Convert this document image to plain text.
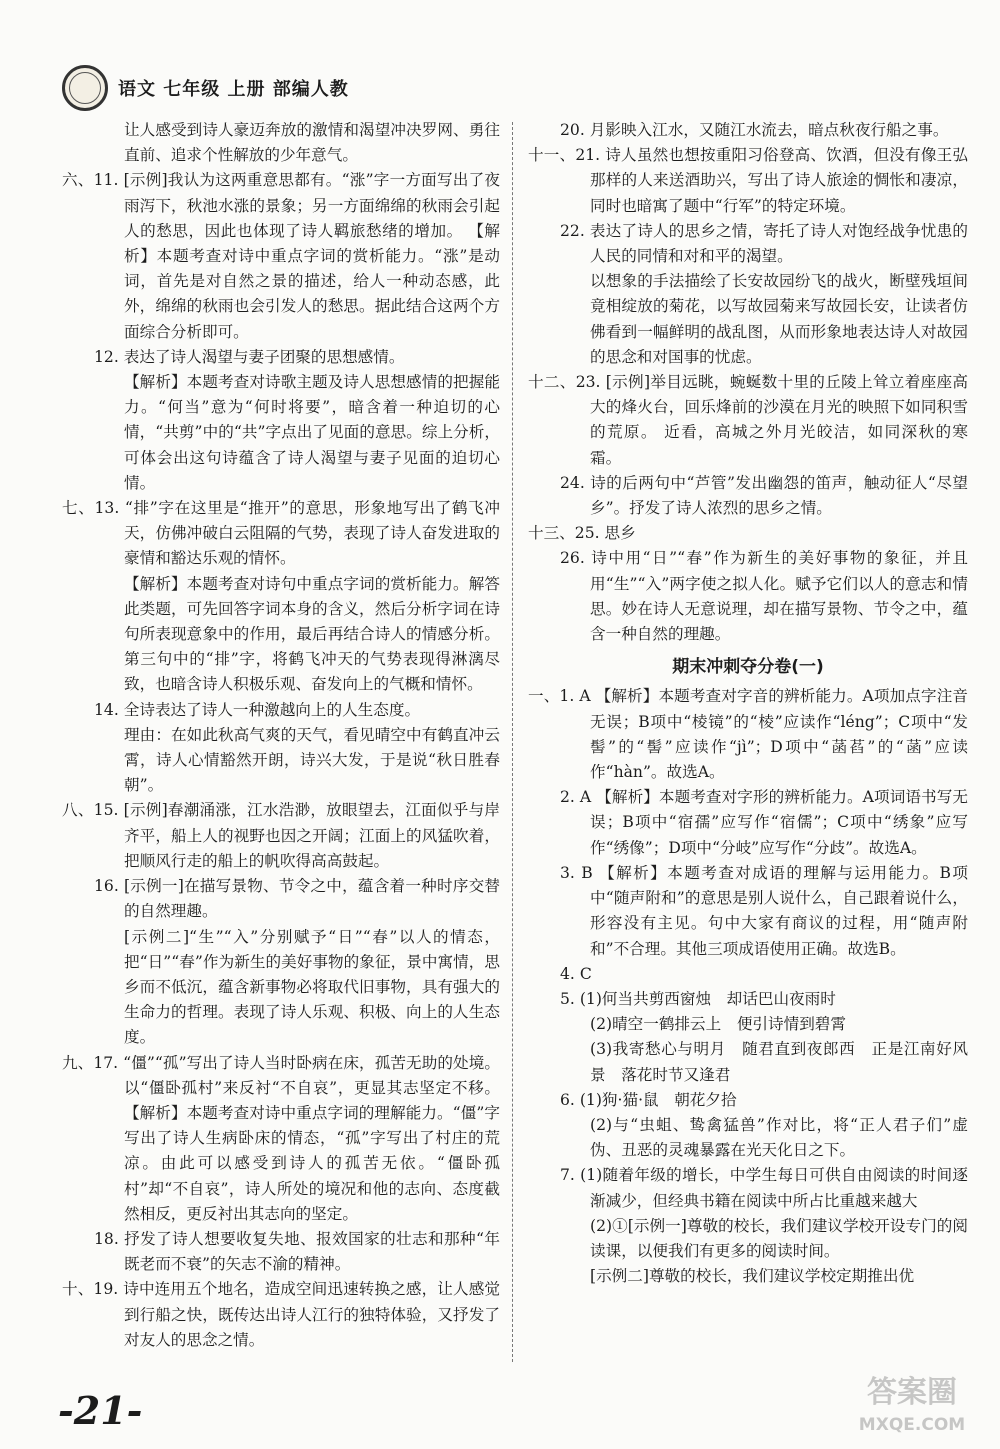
语文 七年级 上册 部编人教

让人感受到诗人豪迈奔放的激情和渴望冲决罗网、勇往直前、追求个性解放的少年意气。

六、11. [示例]我认为这两重意思都有。“涨”字一方面写出了夜雨泻下，秋池水涨的景象；另一方面绵绵的秋雨会引起人的愁思，因此也体现了诗人羁旅愁绪的增加。 【解析】本题考查对诗中重点字词的赏析能力。“涨”是动词，首先是对自然之景的描述，给人一种动态感，此外，绵绵的秋雨也会引发人的愁思。据此结合这两个方面综合分析即可。

12. 表达了诗人渴望与妻子团聚的思想感情。

【解析】本题考查对诗歌主题及诗人思想感情的把握能力。“何当”意为“何时将要”，暗含着一种迫切的心情，“共剪”中的“共”字点出了见面的意思。综上分析，可体会出这句诗蕴含了诗人渴望与妻子见面的迫切心情。

七、13. “排”字在这里是“推开”的意思，形象地写出了鹤飞冲天，仿佛冲破白云阻隔的气势，表现了诗人奋发进取的豪情和豁达乐观的情怀。

【解析】本题考查对诗句中重点字词的赏析能力。解答此类题，可先回答字词本身的含义，然后分析字词在诗句所表现意象中的作用，最后再结合诗人的情感分析。第三句中的“排”字，将鹤飞冲天的气势表现得淋漓尽致，也暗含诗人积极乐观、奋发向上的气概和情怀。

14. 全诗表达了诗人一种激越向上的人生态度。

理由：在如此秋高气爽的天气，看见晴空中有鹤直冲云霄，诗人心情豁然开朗，诗兴大发，于是说“秋日胜春朝”。

八、15. [示例]春潮涌涨，江水浩渺，放眼望去，江面似乎与岸齐平，船上人的视野也因之开阔；江面上的风猛吹着，把顺风行走的船上的帆吹得高高鼓起。

16. [示例一]在描写景物、节令之中，蕴含着一种时序交替的自然理趣。

[示例二]“生”“入”分别赋予“日”“春”以人的情态，把“日”“春”作为新生的美好事物的象征，景中寓情，思乡而不低沉，蕴含新事物必将取代旧事物，具有强大的生命力的哲理。表现了诗人乐观、积极、向上的人生态度。

九、17. “僵”“孤”写出了诗人当时卧病在床，孤苦无助的处境。 以“僵卧孤村”来反衬“不自哀”，更显其志坚定不移。 【解析】本题考查对诗中重点字词的理解能力。“僵”字写出了诗人生病卧床的情态，“孤”字写出了村庄的荒凉。由此可以感受到诗人的孤苦无依。“僵卧孤村”却“不自哀”，诗人所处的境况和他的志向、态度截然相反，更反衬出其志向的坚定。

18. 抒发了诗人想要收复失地、报效国家的壮志和那种“年既老而不衰”的矢志不渝的精神。

十、19. 诗中连用五个地名，造成空间迅速转换之感，让人感觉到行船之快，既传达出诗人江行的独特体验，又抒发了对友人的思念之情。

20. 月影映入江水，又随江水流去，暗点秋夜行船之事。

十一、21. 诗人虽然也想按重阳习俗登高、饮酒，但没有像王弘那样的人来送酒助兴，写出了诗人旅途的惆怅和凄凉，同时也暗寓了题中“行军”的特定环境。

22. 表达了诗人的思乡之情，寄托了诗人对饱经战争忧患的人民的同情和对和平的渴望。

以想象的手法描绘了长安故园纷飞的战火，断壁残垣间竟相绽放的菊花，以写故园菊来写故园长安，让读者仿佛看到一幅鲜明的战乱图，从而形象地表达诗人对故园的思念和对国事的忧虑。

十二、23. [示例]举目远眺，蜿蜒数十里的丘陵上耸立着座座高大的烽火台，回乐烽前的沙漠在月光的映照下如同积雪的荒原。 近看，高城之外月光皎洁，如同深秋的寒霜。

24. 诗的后两句中“芦管”发出幽怨的笛声，触动征人“尽望乡”。抒发了诗人浓烈的思乡之情。

十三、25. 思乡

26. 诗中用“日”“春”作为新生的美好事物的象征，并且用“生”“入”两字使之拟人化。赋予它们以人的意志和情思。妙在诗人无意说理，却在描写景物、节令之中，蕴含一种自然的理趣。

期末冲刺夺分卷(一)

一、1. A 【解析】本题考查对字音的辨析能力。A项加点字注音无误；B项中“棱镜”的“棱”应读作“léng”；C项中“发髻”的“髻”应读作“jì”；D项中“菡萏”的“菡”应读作“hàn”。故选A。

2. A 【解析】本题考查对字形的辨析能力。A项词语书写无误；B项中“宿孺”应写作“宿儒”；C项中“绣象”应写作“绣像”；D项中“分岐”应写作“分歧”。故选A。

3. B 【解析】本题考查对成语的理解与运用能力。B项中“随声附和”的意思是别人说什么，自己跟着说什么，形容没有主见。句中大家有商议的过程，用“随声附和”不合理。其他三项成语使用正确。故选B。

4. C

5. (1)何当共剪西窗烛　却话巴山夜雨时

(2)晴空一鹤排云上　便引诗情到碧霄

(3)我寄愁心与明月　随君直到夜郎西　正是江南好风景　落花时节又逢君

6. (1)狗·猫·鼠　朝花夕拾

(2)与“虫蛆、鸷禽猛兽”作对比，将“正人君子们”虚伪、丑恶的灵魂暴露在光天化日之下。

7. (1)随着年级的增长，中学生每日可供自由阅读的时间逐渐减少，但经典书籍在阅读中所占比重越来越大

(2)①[示例一]尊敬的校长，我们建议学校开设专门的阅读课，以便我们有更多的阅读时间。

[示例二]尊敬的校长，我们建议学校定期推出优

-21-	答案圈
MXQE.COM
